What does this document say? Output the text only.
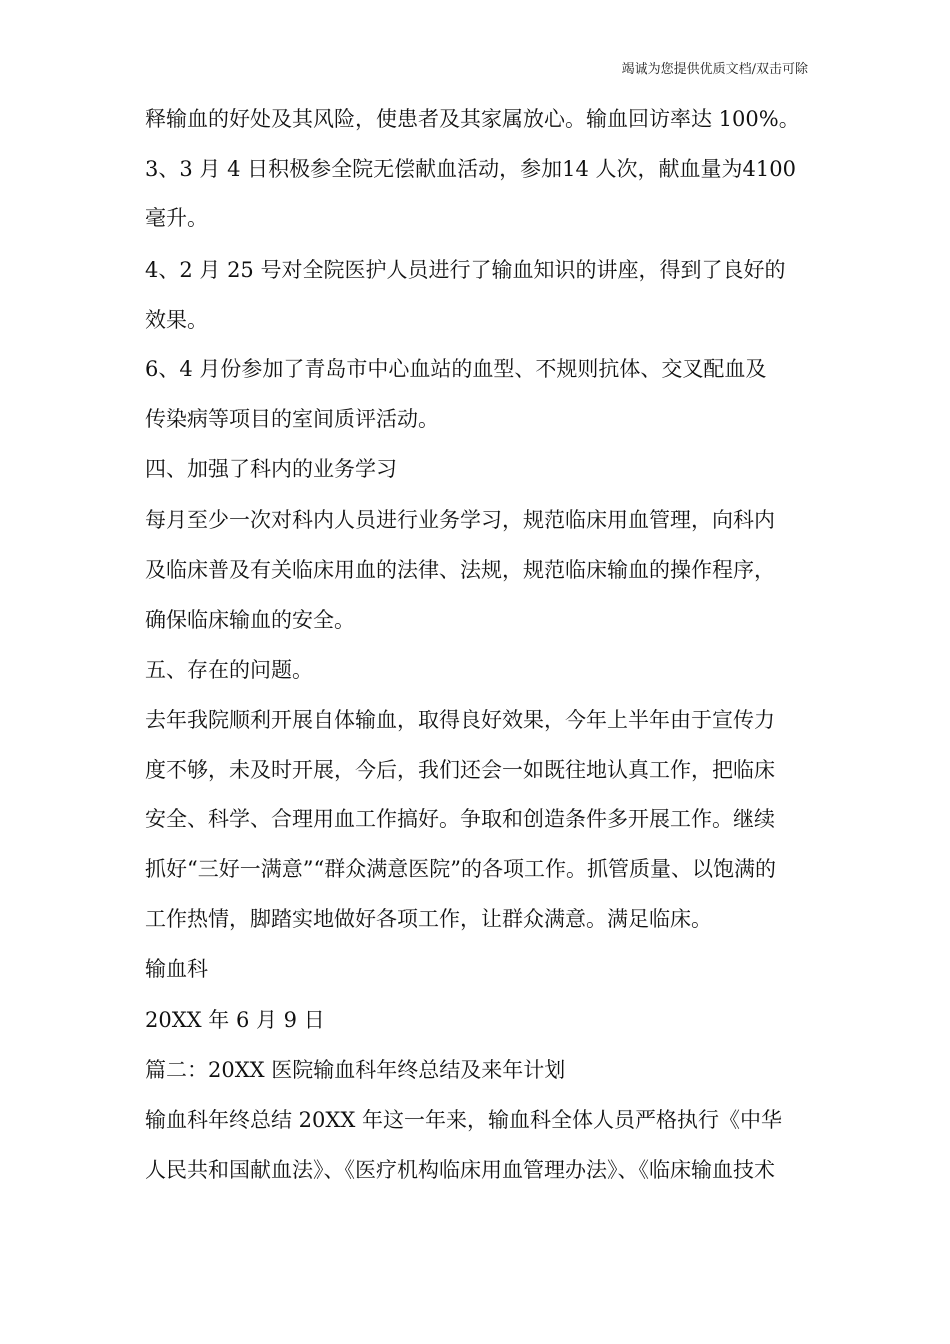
竭诚为您提供优质文档/双击可除
释输血的好处及其风险，使患者及其家属放心。输血回访率达 100%。
3、3 月 4 日积极参全院无偿献血活动，参加14 人次，献血量为4100
毫升。
4、2 月 25 号对全院医护人员进行了输血知识的讲座，得到了良好的
效果。
6、4 月份参加了青岛市中心血站的血型、不规则抗体、交叉配血及
传染病等项目的室间质评活动。
四、加强了科内的业务学习
每月至少一次对科内人员进行业务学习，规范临床用血管理，向科内
及临床普及有关临床用血的法律、法规，规范临床输血的操作程序，
确保临床输血的安全。
五、存在的问题。
去年我院顺利开展自体输血，取得良好效果，今年上半年由于宣传力
度不够，未及时开展，今后，我们还会一如既往地认真工作，把临床
安全、科学、合理用血工作搞好。争取和创造条件多开展工作。继续
抓好“三好一满意”“群众满意医院”的各项工作。抓管质量、以饱满的
工作热情，脚踏实地做好各项工作，让群众满意。满足临床。
输血科
20XX 年 6 月 9 日
篇二：20XX 医院输血科年终总结及来年计划
输血科年终总结 20XX 年这一年来，输血科全体人员严格执行《中华
人民共和国献血法》、《医疗机构临床用血管理办法》、《临床输血技术
